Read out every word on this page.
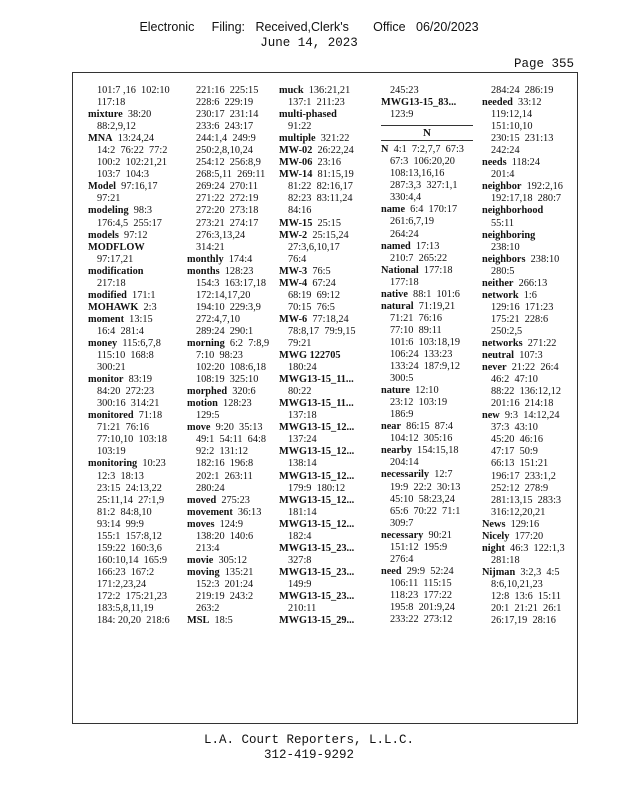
Electronic     Filing:   Received,Clerk's       Office   06/20/2023
June 14, 2023
Page 355
101:7 ,16  102:10
117:18
mixture  38:20
88:2,9,12
MNA  13:24,24
14:2  76:22  77:2
100:2  102:21,21
103:7  104:3
Model  97:16,17
97:21
modeling  98:3
176:4,5  255:17
models  97:12
MODFLOW
97:17,21
modification
217:18
modified  171:1
MOHAWK  2:3
moment  13:15
16:4  281:4
money  115:6,7,8
115:10  168:8
300:21
monitor  83:19
84:20  272:23
300:16  314:21
monitored  71:18
71:21  76:16
77:10,10  103:18
103:19
monitoring  10:23
12:3  18:13
23:15  24:13,22
25:11,14  27:1,9
81:2  84:8,10
93:14  99:9
155:1  157:8,12
159:22  160:3,6
160:10,14  165:9
166:23  167:2
171:2,23,24
172:2  175:21,23
183:5,8,11,19
184: 20,20  218:6
221:16  225:15
228:6  229:19
230:17  231:14
233:6  243:17
244:1,4  249:9
250:2,8,10,24
254:12  256:8,9
268:5,11  269:11
269:24  270:11
271:22  272:19
272:20  273:18
273:21  274:17
276:3,13,24
314:21
monthly  174:4
months  128:23
154:3  163:17,18
172:14,17,20
194:10  229:3,9
272:4,7,10
289:24  290:1
morning  6:2  7:8,9
7:10  98:23
102:20  108:6,18
108:19  325:10
morphed  320:6
motion  128:23
129:5
move  9:20  35:13
49:1  54:11  64:8
92:2  131:12
182:16  196:8
202:1  263:11
280:24
moved  275:23
movement  36:13
moves  124:9
138:20  140:6
213:4
movie  305:12
moving  135:21
152:3  201:24
219:19  243:2
263:2
MSL  18:5
muck  136:21,21
137:1  211:23
multi-phased
91:22
multiple  321:22
MW-02  26:22,24
MW-06  23:16
MW-14  81:15,19
81:22  82:16,17
82:23  83:11,24
84:16
MW-15  25:15
MW-2  25:15,24
27:3,6,10,17
76:4
MW-3  76:5
MW-4  67:24
68:19  69:12
70:15  76:5
MW-6  77:18,24
78:8,17  79:9,15
79:21
MWG 122705
180:24
MWG13-15_11...
80:22
MWG13-15_11...
137:18
MWG13-15_12...
137:24
MWG13-15_12...
138:14
MWG13-15_12...
179:9  180:12
MWG13-15_12...
181:14
MWG13-15_12...
182:4
MWG13-15_23...
327:8
MWG13-15_23...
149:9
MWG13-15_23...
210:11
MWG13-15_29...
245:23
MWG13-15_83...
123:9
N
N  4:1  7:2,7,7  67:3
67:3  106:20,20
108:13,16,16
287:3,3  327:1,1
330:4,4
name  6:4  170:17
261:6,7,19
264:24
named  17:13
210:7  265:22
National  177:18
177:18
native  88:1  101:6
natural  71:19,21
71:21  76:16
77:10  89:11
101:6  103:18,19
106:24  133:23
133:24  187:9,12
300:5
nature  12:10
23:12  103:19
186:9
near  86:15  87:4
104:12  305:16
nearby  154:15,18
204:14
necessarily  12:7
19:9  22:2  30:13
45:10  58:23,24
65:6  70:22  71:1
309:7
necessary  90:21
151:12  195:9
276:4
need  29:9  52:24
106:11  115:15
118:23  177:22
195:8  201:9,24
233:22  273:12
284:24  286:19
needed  33:12
119:12,14
151:10,10
230:15  231:13
242:24
needs  118:24
201:4
neighbor  192:2,16
192:17,18  280:7
neighborhood
55:11
neighboring
238:10
neighbors  238:10
280:5
neither  266:13
network  1:6
129:16  171:23
175:21  228:6
250:2,5
networks  271:22
neutral  107:3
never  21:22  26:4
46:2  47:10
88:22  136:12,12
201:16  214:18
new  9:3  14:12,24
37:3  43:10
45:20  46:16
47:17  50:9
66:13  151:21
196:17  233:1,2
252:12  278:9
281:13,15  283:3
316:12,20,21
News  129:16
Nicely  177:20
night  46:3  122:1,3
281:18
Nijman  3:2,3  4:5
8:6,10,21,23
12:8  13:6  15:11
20:1  21:21  26:1
26:17,19  28:16
L.A. Court Reporters, L.L.C.
312-419-9292
